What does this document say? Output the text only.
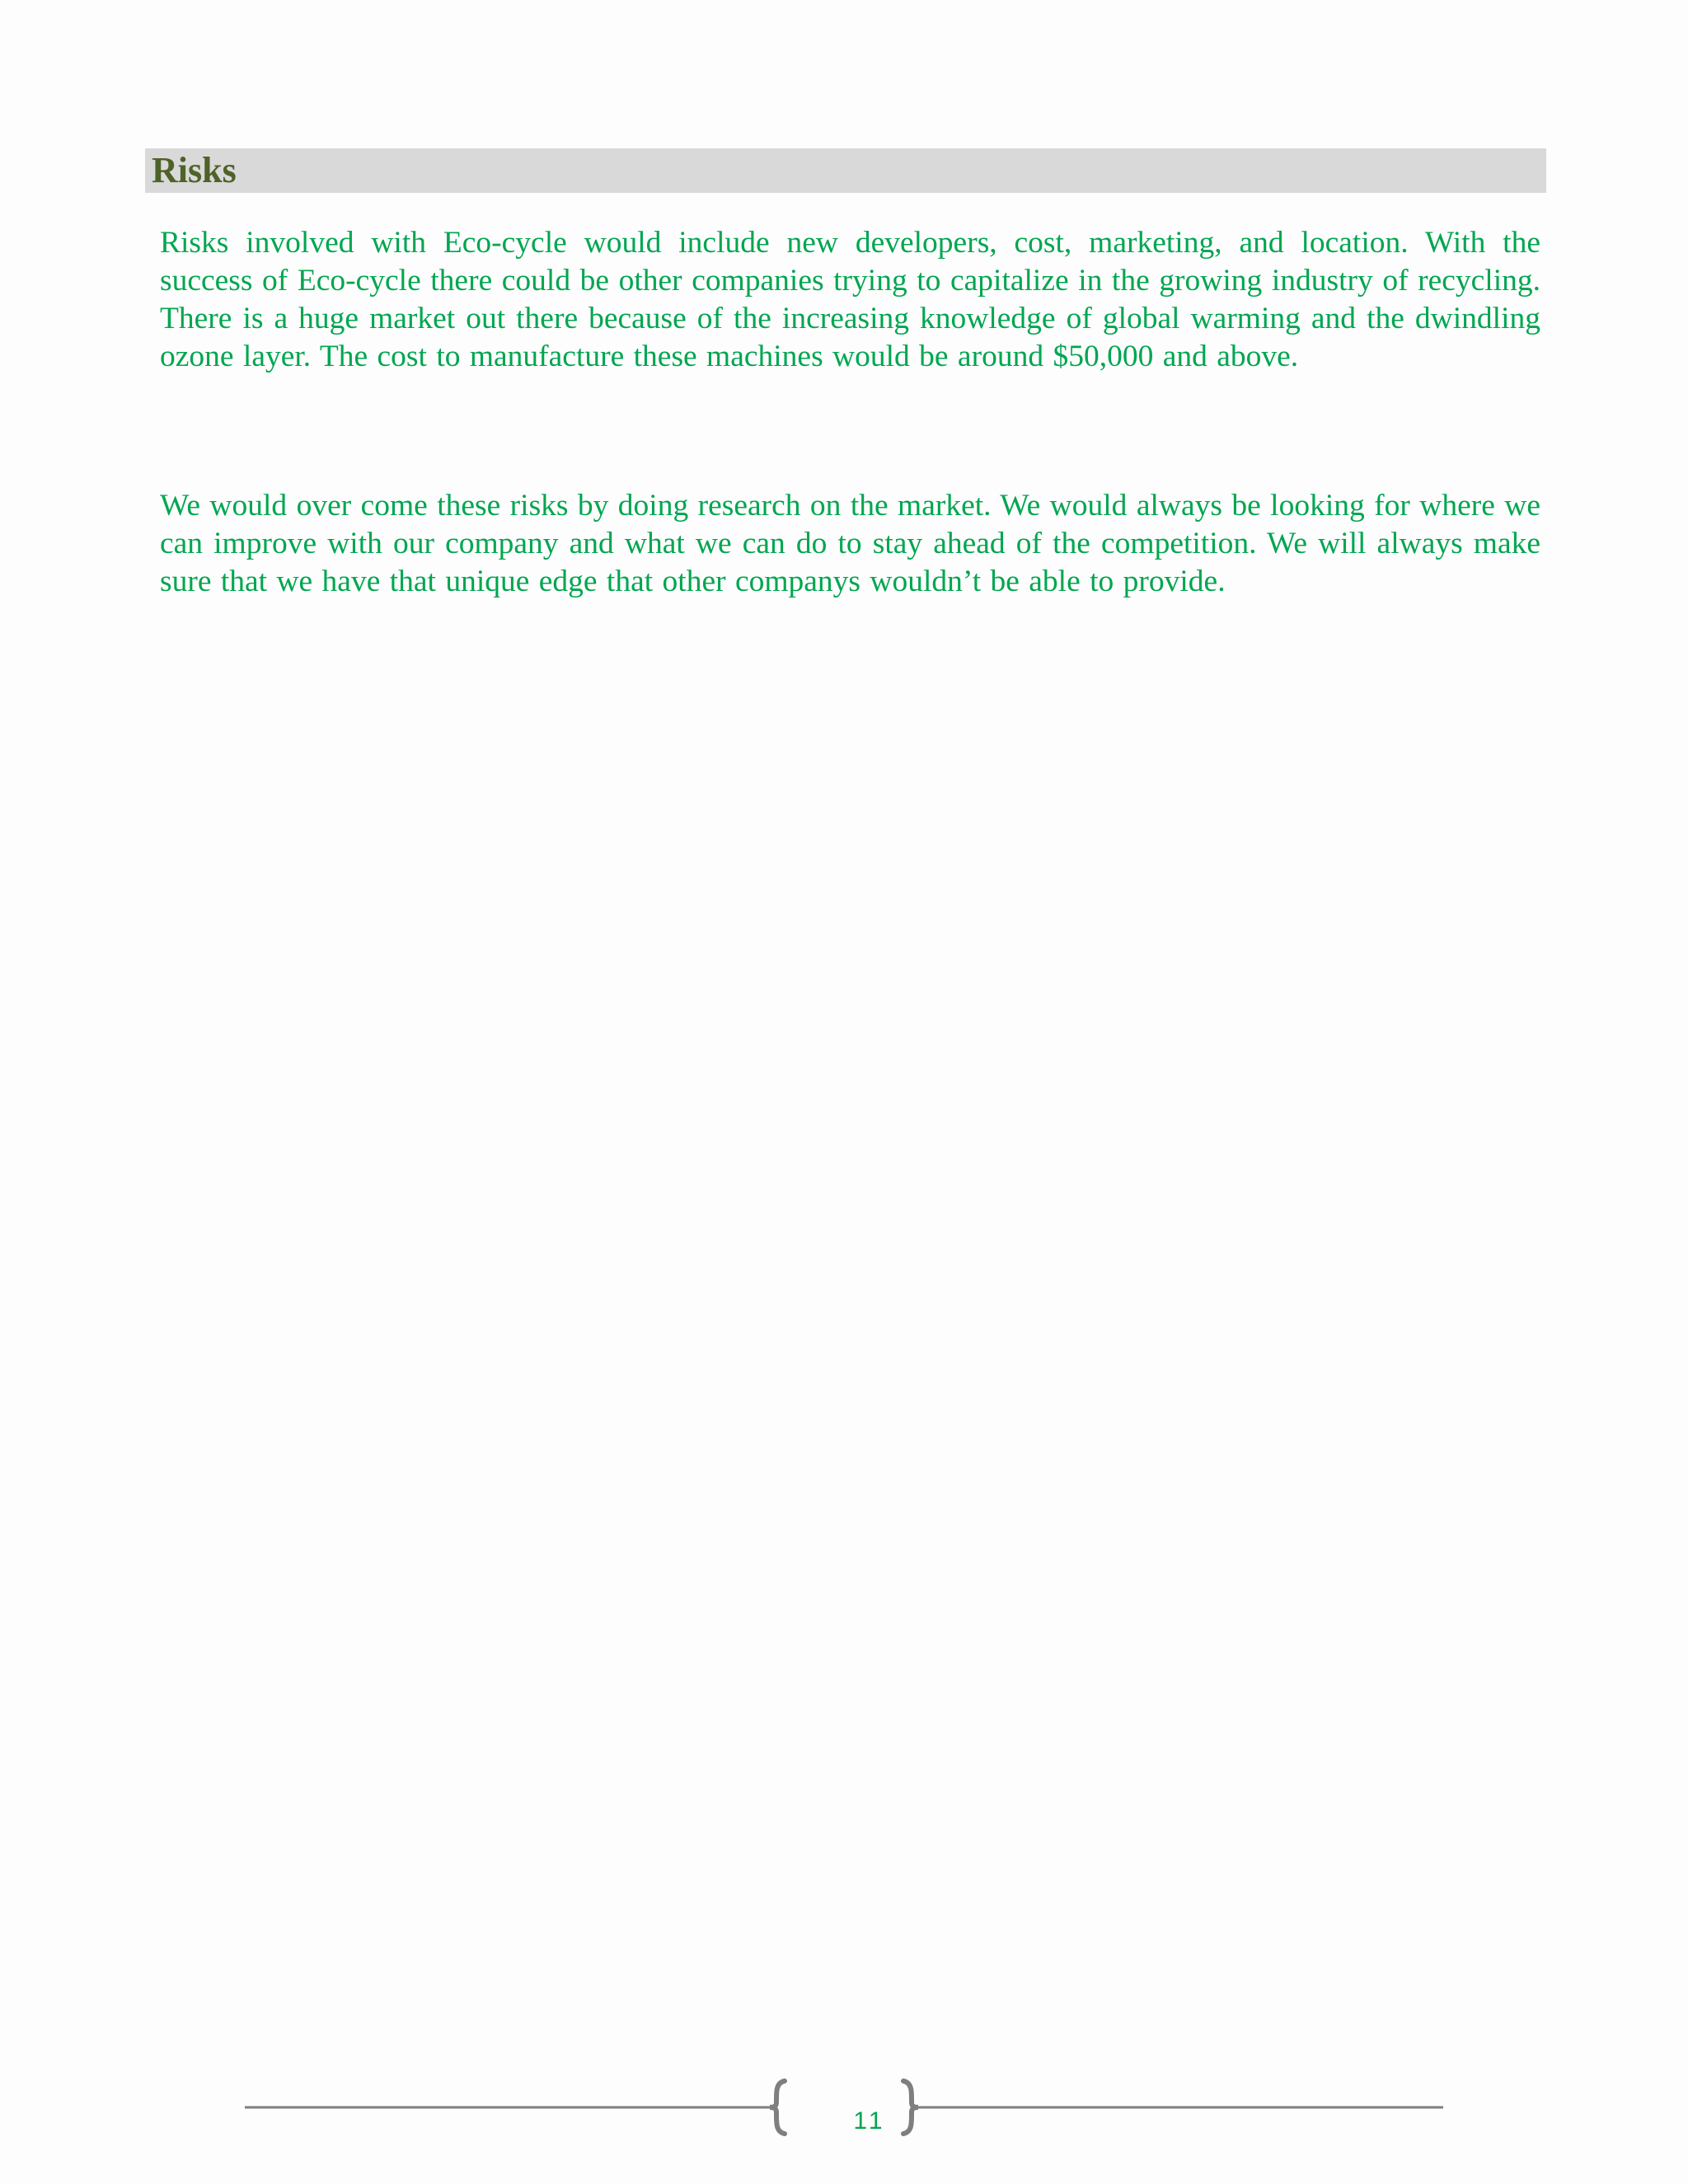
Risks

Risks involved with Eco-cycle would include new developers, cost, marketing, and location. With the success of Eco-cycle there could be other companies trying to capitalize in the growing industry of recycling. There is a huge market out there because of the increasing knowledge of global warming and the dwindling ozone layer. The cost to manufacture these machines would be around $50,000 and above.

We would over come these risks by doing research on the market. We would always be looking for where we can improve with our company and what we can do to stay ahead of the competition. We will always make sure that we have that unique edge that other companys wouldn’t be able to provide.

11
